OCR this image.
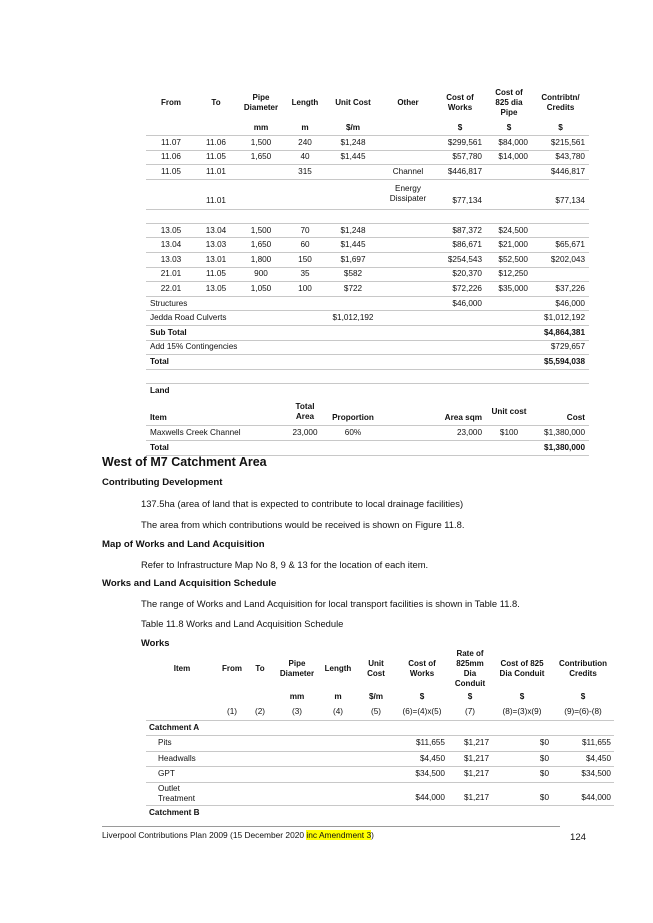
From	To	Pipe Diameter	Length	Unit Cost	Other	Cost of Works	Cost of 825 dia Pipe	Contribtn/ Credits
		mm	m	$/m		$	$	$
11.07	11.06	1,500	240	$1,248		$299,561	$84,000	$215,561
11.06	11.05	1,650	40	$1,445		$57,780	$14,000	$43,780
11.05	11.01		315		Channel	$446,817		$446,817
	11.01				Energy Dissipater	$77,134		$77,134

13.05	13.04	1,500	70	$1,248		$87,372	$24,500	
13.04	13.03	1,650	60	$1,445		$86,671	$21,000	$65,671
13.03	13.01	1,800	150	$1,697		$254,543	$52,500	$202,043
21.01	11.05	900	35	$582		$20,370	$12,250	
22.01	13.05	1,050	100	$722		$72,226	$35,000	$37,226
Structures						$46,000		$46,000
Jedda Road Culverts				$1,012,192				$1,012,192
Sub Total								$4,864,381
Add 15% Contingencies								$729,657
Total								$5,594,038

Land								
Item			Total Area	Proportion		Area sqm	Unit cost	Cost
Maxwells Creek Channel			23,000	60%		23,000	$100	$1,380,000
Total								$1,380,000
West of M7 Catchment Area
Contributing Development
137.5ha (area of land that is expected to contribute to local drainage facilities)
The area from which contributions would be received is shown on Figure 11.8.
Map of Works and Land Acquisition
Refer to Infrastructure Map No 8, 9 & 13 for the location of each item.
Works and Land Acquisition Schedule
The range of Works and Land Acquisition for local transport facilities is shown in Table 11.8.
Table 11.8 Works and Land Acquisition Schedule
Works
Item	From	To	Pipe Diameter	Length	Unit Cost	Cost of Works	Rate of 825mm Dia Conduit	Cost of 825 Dia Conduit	Contribution Credits
			mm	m	$/m	$	$	$	$
	(1)	(2)	(3)	(4)	(5)	(6)=(4)x(5)	(7)	(8)=(3)x(9)	(9)=(6)-(8)
Catchment A									
Pits						$11,655	$1,217	$0	$11,655
Headwalls						$4,450	$1,217	$0	$4,450
GPT						$34,500	$1,217	$0	$34,500
Outlet Treatment						$44,000	$1,217	$0	$44,000
Catchment B									
Liverpool Contributions Plan 2009 (15 December 2020 inc Amendment 3)	124
